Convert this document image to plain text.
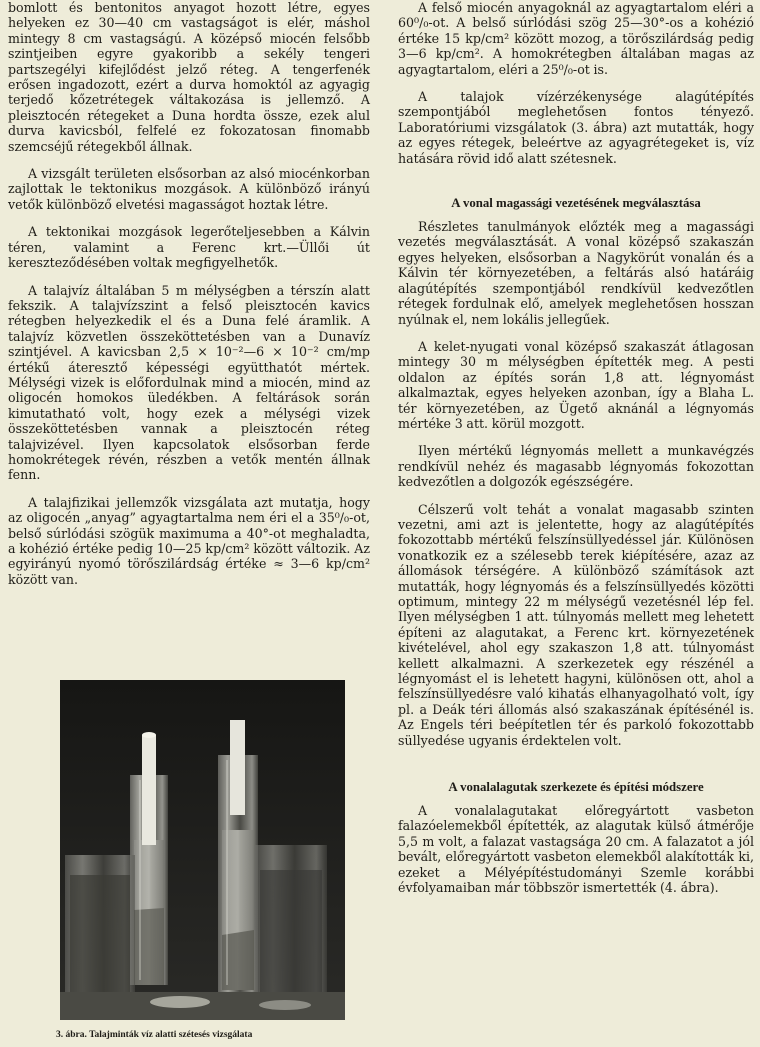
bomlott és bentonitos anyagot hozott létre, egyes helyeken ez 30—40 cm vastagságot is elér, máshol mintegy 8 cm vastagságú. A középső miocén felsőbb szintjeiben egyre gyakoribb a sekély tengeri partszegélyi kifejlődést jelző réteg. A tengerfenék erősen ingadozott, ezért a durva homoktól az agyagig terjedő kőzetrétegek váltakozása is jellemző. A pleisztocén rétegeket a Duna hordta össze, ezek alul durva kavicsból, felfelé ez fokozatosan finomabb szemcséjű rétegekből állnak.

A vizsgált területen elsősorban az alsó miocénkorban zajlottak le tektonikus mozgások. A különböző irányú vetők különböző elvetési magasságot hoztak létre.

A tektonikai mozgások legerőteljesebben a Kálvin téren, valamint a Ferenc krt.—Üllői út kereszteződésében voltak megfigyelhetők.

A talajvíz általában 5 m mélységben a térszín alatt fekszik. A talajvízszint a felső pleisztocén kavics rétegben helyezkedik el és a Duna felé áramlik. A talajvíz közvetlen összeköttetésben van a Dunavíz szintjével. A kavicsban 2,5 × 10⁻²—6 × 10⁻² cm/mp értékű áteresztő képességi együtthatót mértek. Mélységi vizek is előfordulnak mind a miocén, mind az oligocén homokos üledékben. A feltárások során kimutatható volt, hogy ezek a mélységi vizek összeköttetésben vannak a pleisztocén réteg talajvizével. Ilyen kapcsolatok elsősorban ferde homokrétegek révén, részben a vetők mentén állnak fenn.

A talajfizikai jellemzők vizsgálata azt mutatja, hogy az oligocén „anyag” agyagtartalma nem éri el a 35⁰/₀-ot, belső súrlódási szögük maximuma a 40°-ot meghaladta, a kohézió értéke pedig 10—25 kp/cm² között változik. Az egyirányú nyomó törőszilárdság értéke ≈ 3—6 kp/cm² között van.

3. ábra. Talajminták víz alatti szétesés vizsgálata

A felső miocén anyagoknál az agyagtartalom eléri a 60⁰/₀-ot. A belső súrlódási szög 25—30°-os a kohézió értéke 15 kp/cm² között mozog, a törőszilárdság pedig 3—6 kp/cm². A homokrétegben általában magas az agyagtartalom, eléri a 25⁰/₀-ot is.

A talajok vízérzékenysége alagútépítés szempontjából meglehetősen fontos tényező. Laboratóriumi vizsgálatok (3. ábra) azt mutatták, hogy az egyes rétegek, beleértve az agyagrétegeket is, víz hatására rövid idő alatt szétesnek.

A vonal magassági vezetésének megválasztása

Részletes tanulmányok előzték meg a magassági vezetés megválasztását. A vonal középső szakaszán egyes helyeken, elsősorban a Nagykörút vonalán és a Kálvin tér környezetében, a feltárás alsó határáig alagútépítés szempontjából rendkívül kedvezőtlen rétegek fordulnak elő, amelyek meglehetősen hosszan nyúlnak el, nem lokális jellegűek.

A kelet-nyugati vonal középső szakaszát átlagosan mintegy 30 m mélységben építették meg. A pesti oldalon az építés során 1,8 att. légnyomást alkalmaztak, egyes helyeken azonban, így a Blaha L. tér környezetében, az Ügető aknánál a légnyomás mértéke 3 att. körül mozgott.

Ilyen mértékű légnyomás mellett a munkavégzés rendkívül nehéz és magasabb légnyomás fokozottan kedvezőtlen a dolgozók egészségére.

Célszerű volt tehát a vonalat magasabb szinten vezetni, ami azt is jelentette, hogy az alagútépítés fokozottabb mértékű felszínsüllyedéssel jár. Különösen vonatkozik ez a szélesebb terek kiépítésére, azaz az állomások térségére. A különböző számítások azt mutatták, hogy légnyomás és a felszínsüllyedés közötti optimum, mintegy 22 m mélységű vezetésnél lép fel. Ilyen mélységben 1 att. túlnyomás mellett meg lehetett építeni az alagutakat, a Ferenc krt. környezetének kivételével, ahol egy szakaszon 1,8 att. túlnyomást kellett alkalmazni. A szerkezetek egy részénél a légnyomást el is lehetett hagyni, különösen ott, ahol a felszínsüllyedésre való kihatás elhanyagolható volt, így pl. a Deák téri állomás alsó szakaszának építésénél is. Az Engels téri beépítetlen tér és parkoló fokozottabb süllyedése ugyanis érdektelen volt.

A vonalalagutak szerkezete és építési módszere

A vonalalagutakat előregyártott vasbeton falazóelemekből építették, az alagutak külső átmérője 5,5 m volt, a falazat vastagsága 20 cm. A falazatot a jól bevált, előregyártott vasbeton elemekből alakították ki, ezeket a Mélyépítéstudományi Szemle korábbi évfolyamaiban már többször ismertették (4. ábra).
